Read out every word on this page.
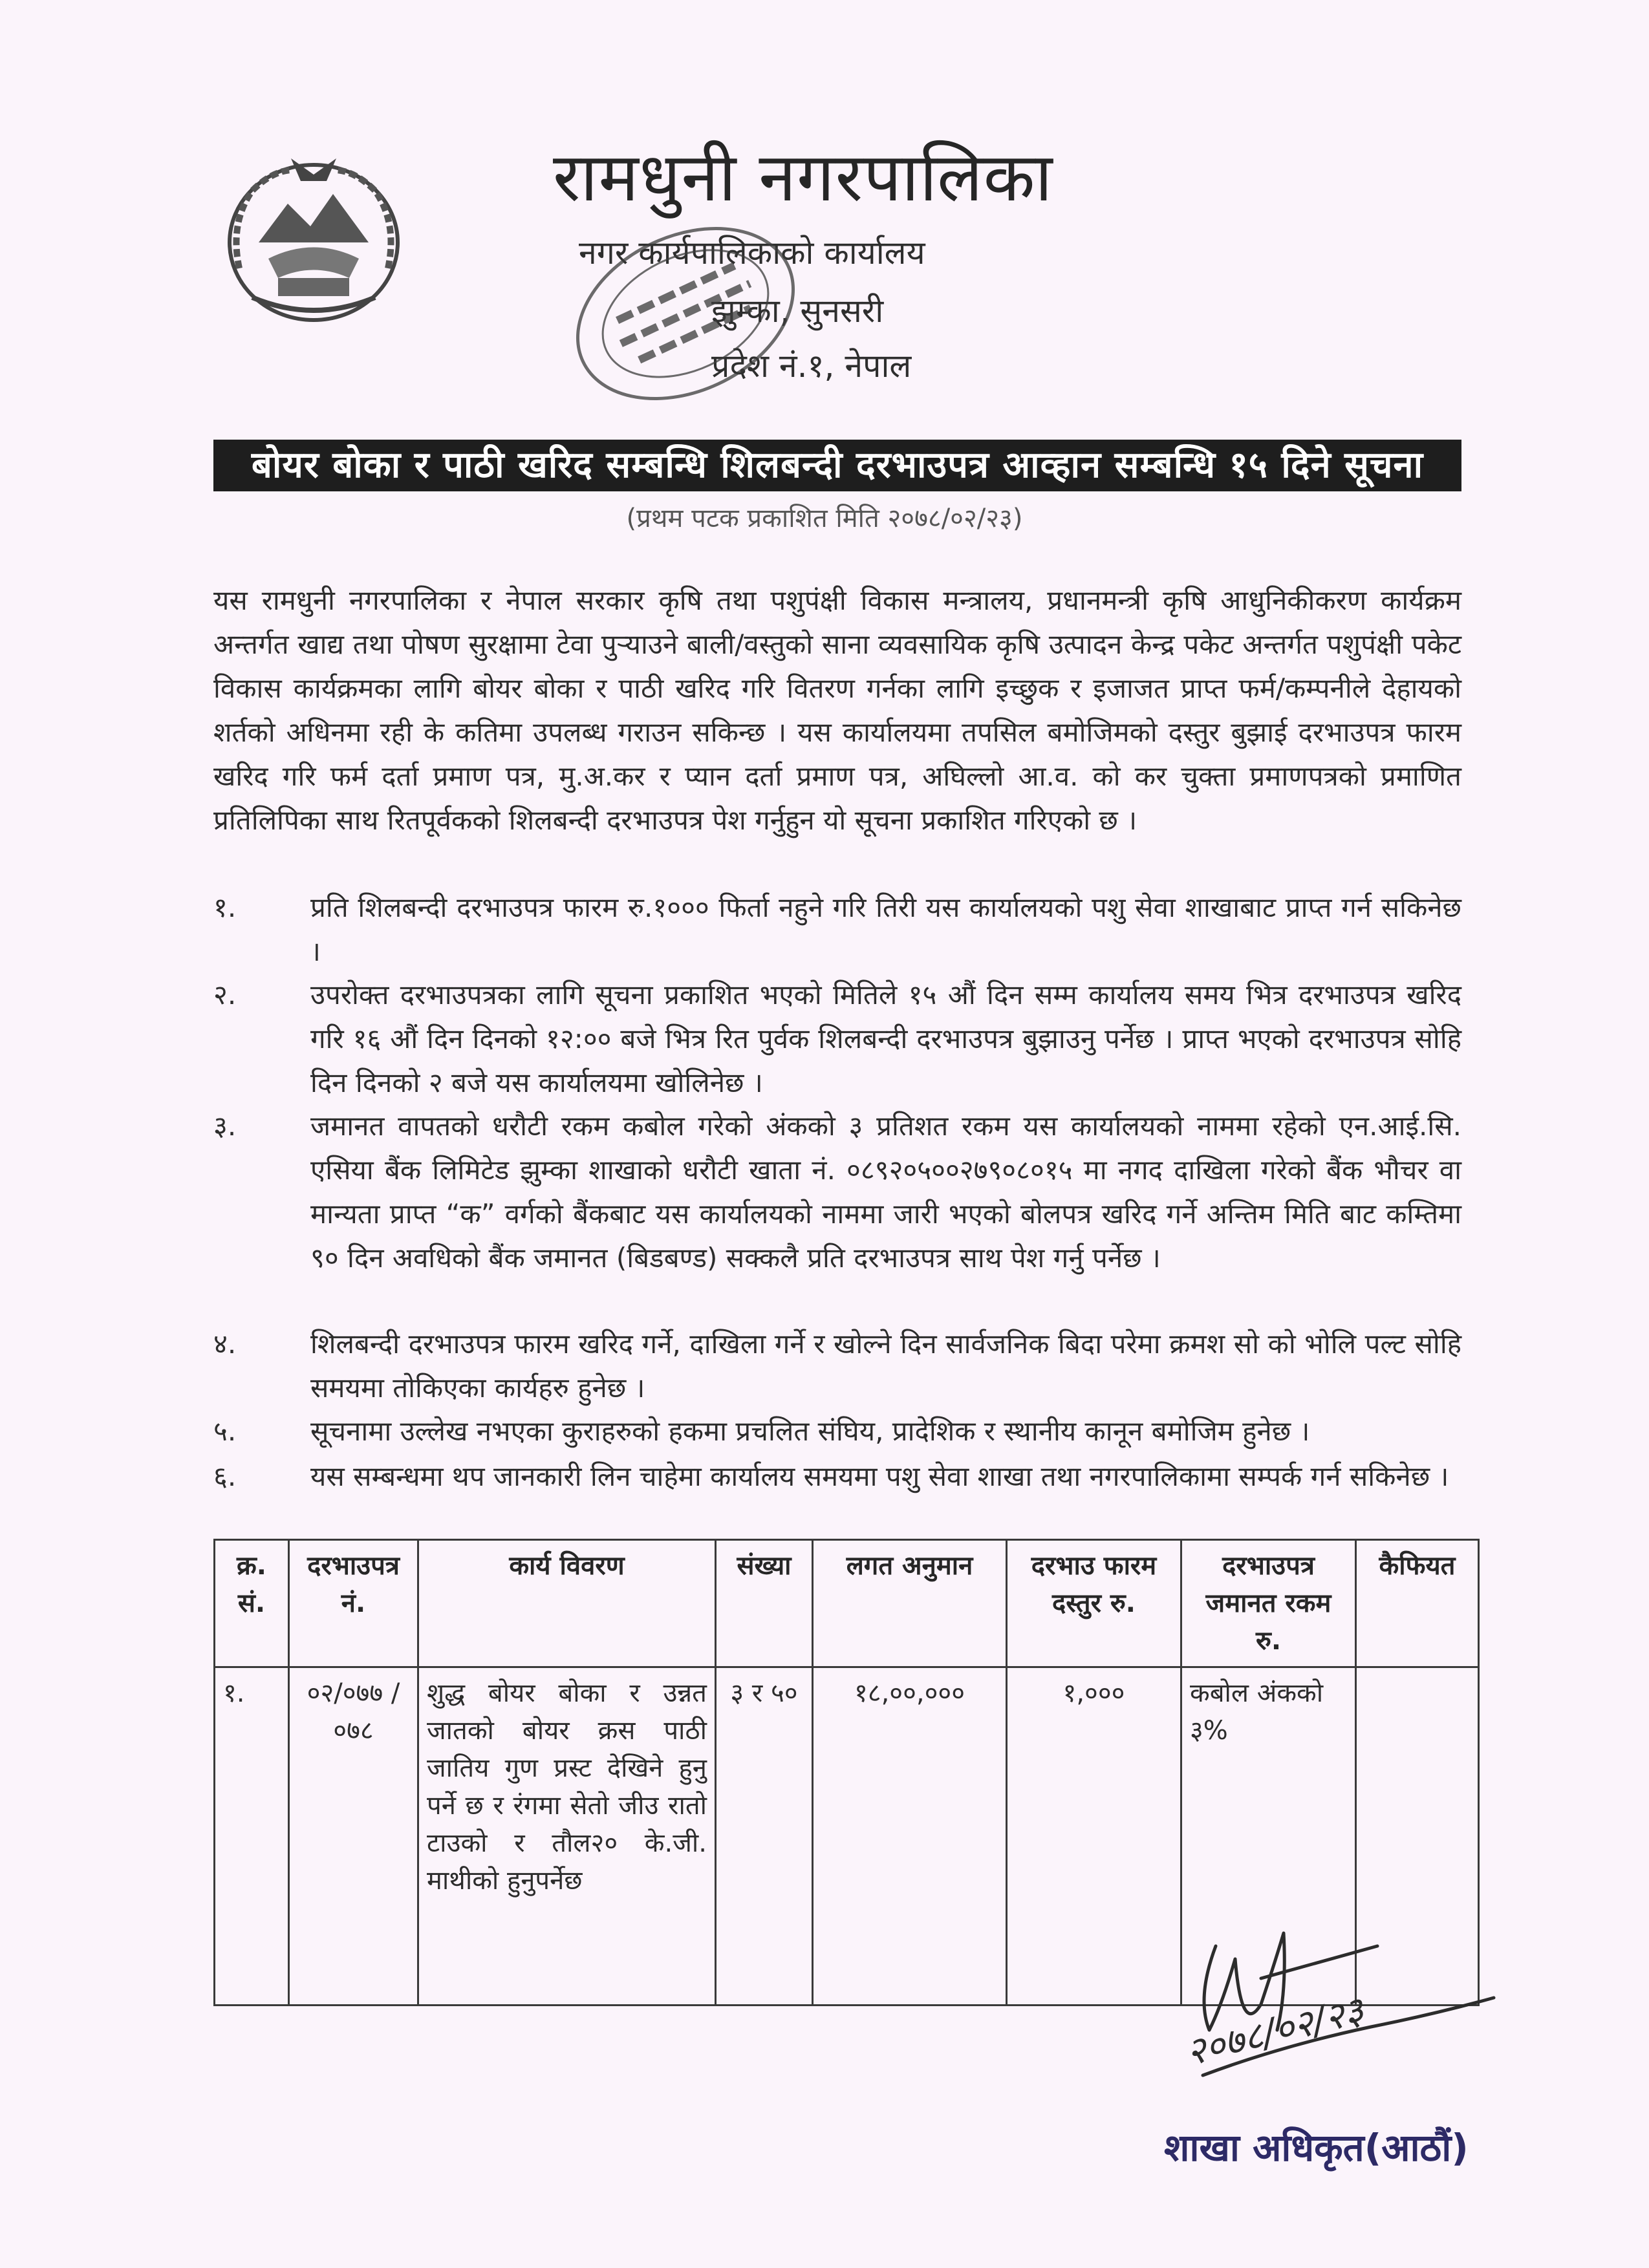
रामधुनी नगरपालिका
नगर कार्यपालिकाको कार्यालय
झुम्का, सुनसरी
प्रदेश नं.१, नेपाल
बोयर बोका र पाठी खरिद सम्बन्धि शिलबन्दी दरभाउपत्र आव्हान सम्बन्धि १५ दिने सूचना
(प्रथम पटक प्रकाशित मिति २०७८/०२/२३)
यस रामधुनी नगरपालिका र नेपाल सरकार कृषि तथा पशुपंक्षी विकास मन्त्रालय, प्रधानमन्त्री कृषि आधुनिकीकरण कार्यक्रम अन्तर्गत खाद्य तथा पोषण सुरक्षामा टेवा पुऱ्याउने बाली/वस्तुको साना व्यवसायिक कृषि उत्पादन केन्द्र पकेट अन्तर्गत पशुपंक्षी पकेट विकास कार्यक्रमका लागि बोयर बोका र पाठी खरिद गरि वितरण गर्नका लागि इच्छुक र इजाजत प्राप्त फर्म/कम्पनीले देहायको शर्तको अधिनमा रही के कतिमा उपलब्ध गराउन सकिन्छ । यस कार्यालयमा तपसिल बमोजिमको दस्तुर बुझाई दरभाउपत्र फारम खरिद गरि फर्म दर्ता प्रमाण पत्र, मु.अ.कर र प्यान दर्ता प्रमाण पत्र, अघिल्लो आ.व. को कर चुक्ता प्रमाणपत्रको प्रमाणित प्रतिलिपिका साथ रितपूर्वकको शिलबन्दी दरभाउपत्र पेश गर्नुहुन यो सूचना प्रकाशित गरिएको छ ।
१.	प्रति शिलबन्दी दरभाउपत्र फारम रु.१००० फिर्ता नहुने गरि तिरी यस कार्यालयको पशु सेवा शाखाबाट प्राप्त गर्न सकिनेछ ।
२.	उपरोक्त दरभाउपत्रका लागि सूचना प्रकाशित भएको मितिले १५ औं दिन सम्म कार्यालय समय भित्र दरभाउपत्र खरिद गरि १६ औं दिन दिनको १२:०० बजे भित्र रित पुर्वक शिलबन्दी दरभाउपत्र बुझाउनु पर्नेछ । प्राप्त भएको दरभाउपत्र सोहि दिन दिनको २ बजे यस कार्यालयमा खोलिनेछ ।
३.	जमानत वापतको धरौटी रकम कबोल गरेको अंकको ३ प्रतिशत रकम यस कार्यालयको नाममा रहेको एन.आई.सि. एसिया बैंक लिमिटेड झुम्का शाखाको धरौटी खाता नं. ०८९२०५००२७९०८०१५ मा नगद दाखिला गरेको बैंक भौचर वा मान्यता प्राप्त “क” वर्गको बैंकबाट यस कार्यालयको नाममा जारी भएको बोलपत्र खरिद गर्ने अन्तिम मिति बाट कम्तिमा ९० दिन अवधिको बैंक जमानत (बिडबण्ड) सक्कलै प्रति दरभाउपत्र साथ पेश गर्नु पर्नेछ ।
४.	शिलबन्दी दरभाउपत्र फारम खरिद गर्ने, दाखिला गर्ने र खोल्ने दिन सार्वजनिक बिदा परेमा क्रमश सो को भोलि पल्ट सोहि समयमा तोकिएका कार्यहरु हुनेछ ।
५.	सूचनामा उल्लेख नभएका कुराहरुको हकमा प्रचलित संघिय, प्रादेशिक र स्थानीय कानून बमोजिम हुनेछ ।
६.	यस सम्बन्धमा थप जानकारी लिन चाहेमा कार्यालय समयमा पशु सेवा शाखा तथा नगरपालिकामा सम्पर्क गर्न सकिनेछ ।
क्र. सं.	दरभाउपत्र नं.	कार्य विवरण	संख्या	लगत अनुमान	दरभाउ फारम दस्तुर रु.	दरभाउपत्र जमानत रकम रु.	कैफियत
१.	०२/०७७ /०७८	शुद्ध बोयर बोका र उन्नत जातको बोयर क्रस पाठी जातिय गुण प्रस्ट देखिने हुनु पर्ने छ र रंगमा सेतो जीउ रातो टाउको र तौल२० के.जी. माथीको हुनुपर्नेछ	३ र ५०	१८,००,०००	१,०००	कबोल अंकको ३%	
२०७८/०२/२३
शाखा अधिकृत(आठौं)
